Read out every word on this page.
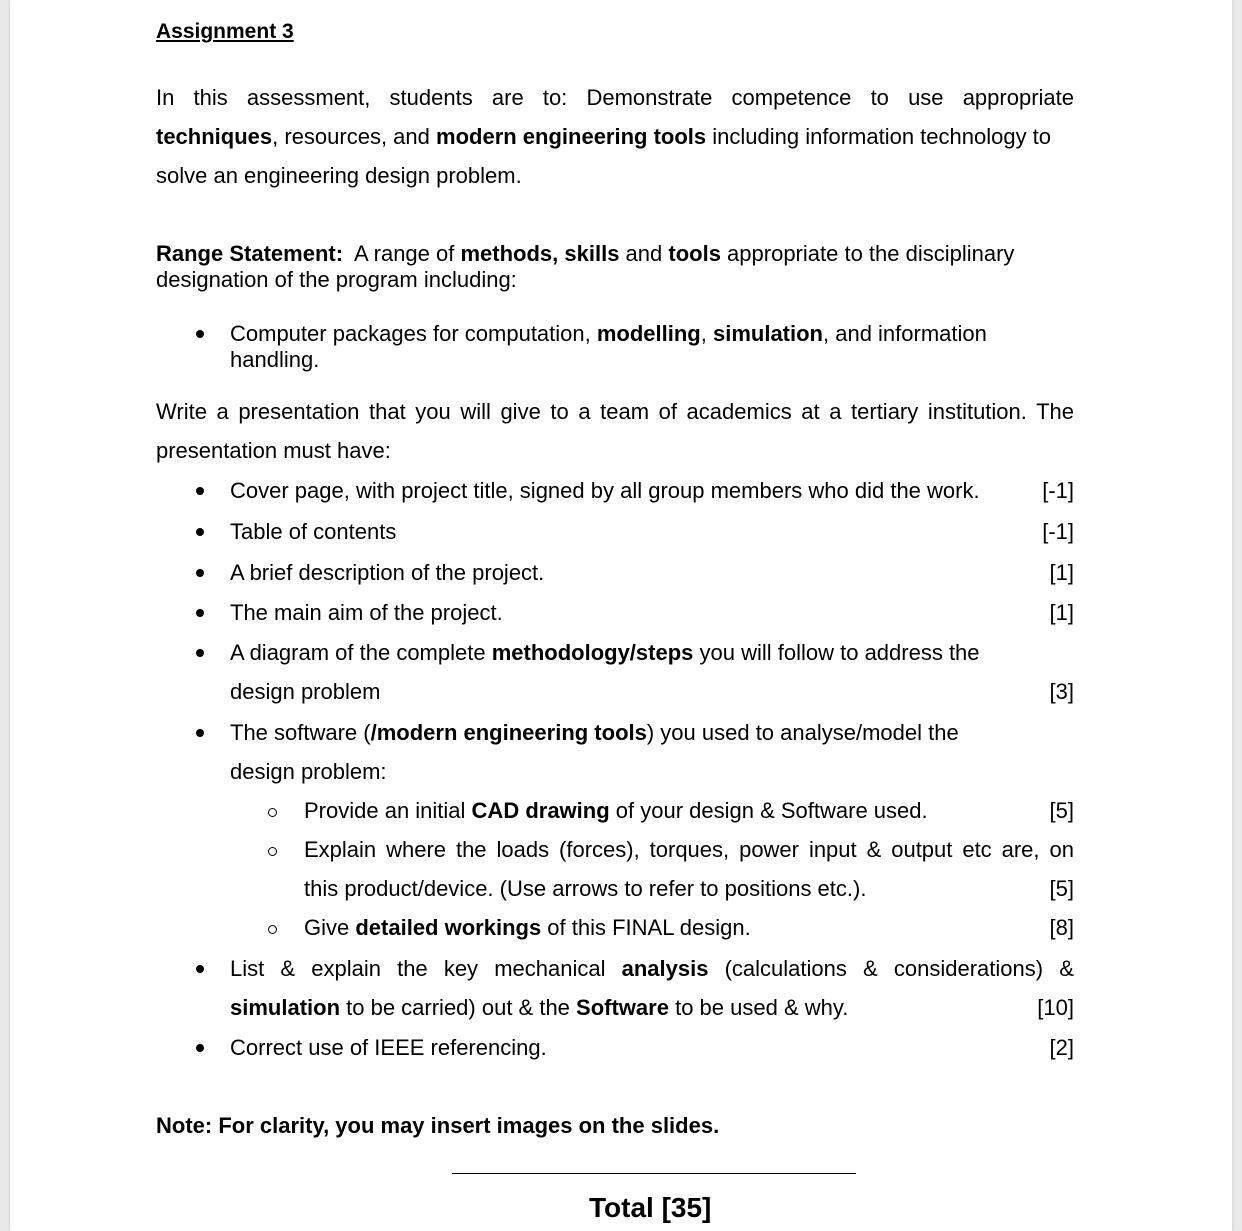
Assignment 3
In this assessment, students are to: Demonstrate competence to use appropriate
techniques, resources, and modern engineering tools including information technology to
solve an engineering design problem.
Range Statement:  A range of methods, skills and tools appropriate to the disciplinary
designation of the program including:
Computer packages for computation, modelling, simulation, and information
handling.
Write a presentation that you will give to a team of academics at a tertiary institution. The
presentation must have:
Cover page, with project title, signed by all group members who did the work.	[-1]
Table of contents	[-1]
A brief description of the project.	[1]
The main aim of the project.	[1]
A diagram of the complete methodology/steps you will follow to address the
design problem	[3]
The software (/modern engineering tools) you used to analyse/model the
design problem:
Provide an initial CAD drawing of your design & Software used.	[5]
Explain where the loads (forces), torques, power input & output etc are, on
this product/device. (Use arrows to refer to positions etc.).	[5]
Give detailed workings of this FINAL design.	[8]
List & explain the key mechanical analysis (calculations & considerations) &
simulation to be carried) out & the Software to be used & why.	[10]
Correct use of IEEE referencing.	[2]
Note: For clarity, you may insert images on the slides.
Total [35]
